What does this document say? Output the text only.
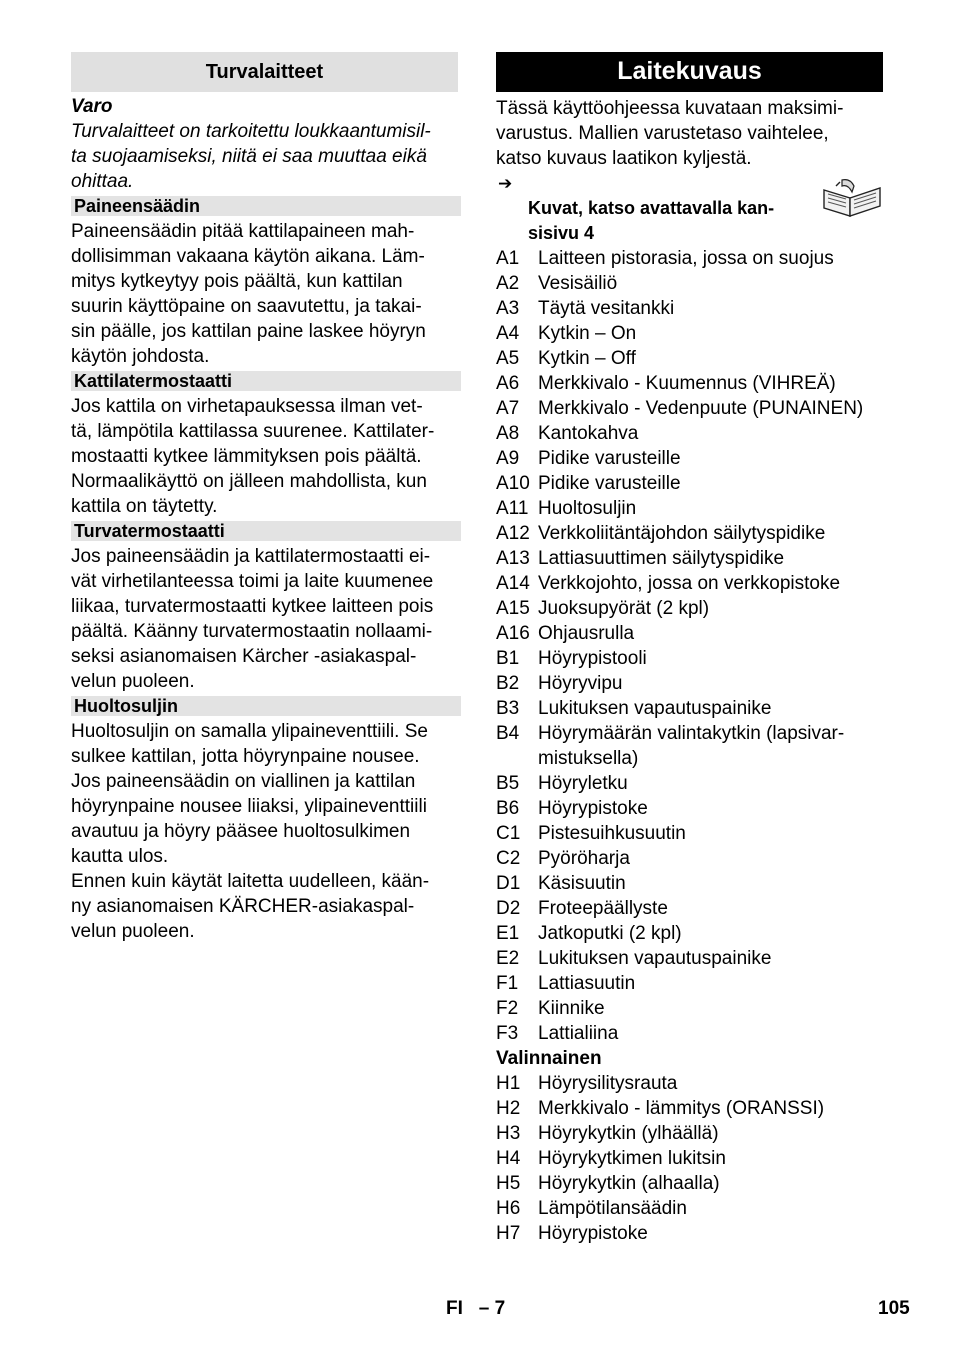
Turvalaitteet
Varo
Turvalaitteet on tarkoitettu loukkaantumisil-
ta suojaamiseksi, niitä ei saa muuttaa eikä
ohittaa.
Paineensäädin
Paineensäädin pitää kattilapaineen mah-
dollisimman vakaana käytön aikana. Läm-
mitys kytkeytyy pois päältä, kun kattilan
suurin käyttöpaine on saavutettu, ja takai-
sin päälle, jos kattilan paine laskee höyryn
käytön johdosta.
Kattilatermostaatti
Jos kattila on virhetapauksessa ilman vet-
tä, lämpötila kattilassa suurenee. Kattilater-
mostaatti kytkee lämmityksen pois päältä.
Normaalikäyttö on jälleen mahdollista, kun
kattila on täytetty.
Turvatermostaatti
Jos paineensäädin ja kattilatermostaatti ei-
vät virhetilanteessa toimi ja laite kuumenee
liikaa, turvatermostaatti kytkee laitteen pois
päältä. Käänny turvatermostaatin nollaami-
seksi asianomaisen Kärcher -asiakaspal-
velun puoleen.
Huoltosuljin
Huoltosuljin on samalla ylipaineventtiili. Se
sulkee kattilan, jotta höyrynpaine nousee.
Jos paineensäädin on viallinen ja kattilan
höyrynpaine nousee liiaksi, ylipaineventtiili
avautuu ja höyry pääsee huoltosulkimen
kautta ulos.
Ennen kuin käytät laitetta uudelleen, kään-
ny asianomaisen KÄRCHER-asiakaspal-
velun puoleen.
Laitekuvaus
Tässä käyttöohjeessa kuvataan maksimi-
varustus. Mallien varustetaso vaihtelee,
katso kuvaus laatikon kyljestä.

➔
Kuvat, katso avattavalla kan-
sisivu 4

A1 Laitteen pistorasia, jossa on suojus
A2 Vesisäiliö
A3 Täytä vesitankki
A4 Kytkin – On
A5 Kytkin – Off
A6 Merkkivalo - Kuumennus (VIHREÄ)
A7 Merkkivalo - Vedenpuute (PUNAINEN)
A8 Kantokahva
A9 Pidike varusteille
A10 Pidike varusteille
A11 Huoltosuljin
A12 Verkkoliitäntäjohdon säilytyspidike
A13 Lattiasuuttimen säilytyspidike
A14 Verkkojohto, jossa on verkkopistoke
A15 Juoksupyörät (2 kpl)
A16 Ohjausrulla
B1 Höyrypistooli
B2 Höyryvipu
B3 Lukituksen vapautuspainike
B4 Höyrymäärän valintakytkin (lapsivar-
mistuksella)
B5 Höyryletku
B6 Höyrypistoke
C1 Pistesuihkusuutin
C2 Pyöröharja
D1 Käsisuutin
D2 Froteepäällyste
E1 Jatkoputki (2 kpl)
E2 Lukituksen vapautuspainike
F1	Lattiasuutin
F2	Kiinnike
F3	Lattialiina
Valinnainen
H1 Höyrysilitysrauta
H2 Merkkivalo - lämmitys (ORANSSI)
H3 Höyrykytkin (ylhäällä)
H4 Höyrykytkimen lukitsin
H5 Höyrykytkin (alhaalla)
H6 Lämpötilansäädin
H7 Höyrypistoke
FI – 7	105
